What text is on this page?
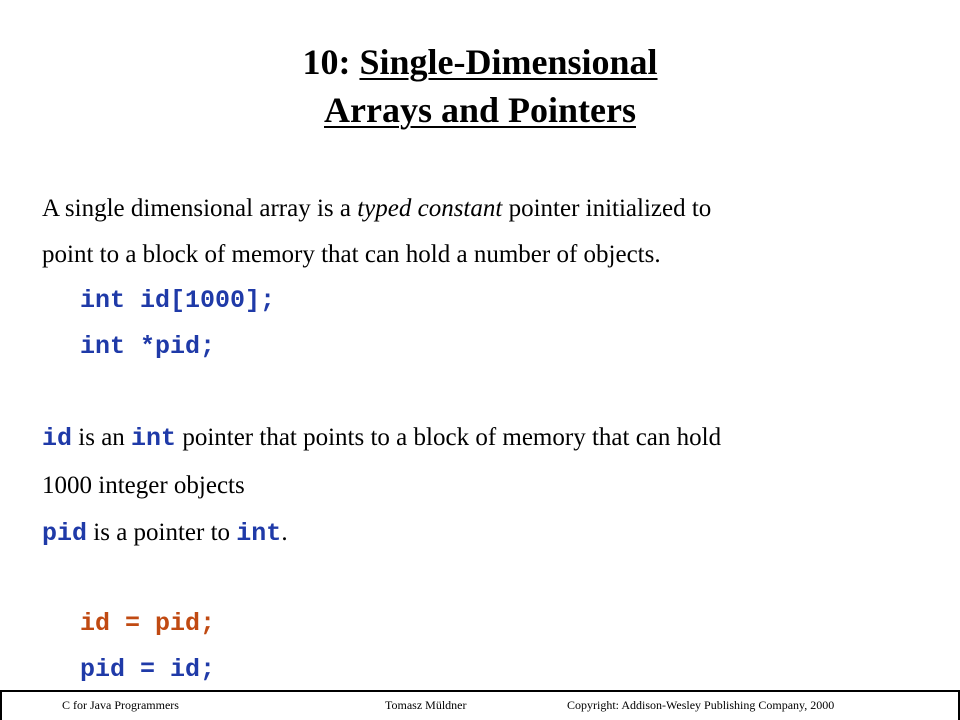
10: Single-Dimensional
Arrays and Pointers
A single dimensional array is a typed constant pointer initialized to
point to a block of memory that can hold a number of objects.
int id[1000];
int *pid;
id is an int pointer that points to a block of memory that can hold
1000 integer objects
pid is a pointer to int.
id = pid;
pid = id;
C for Java Programmers	Tomasz Müldner	Copyright: Addison-Wesley Publishing Company, 2000
